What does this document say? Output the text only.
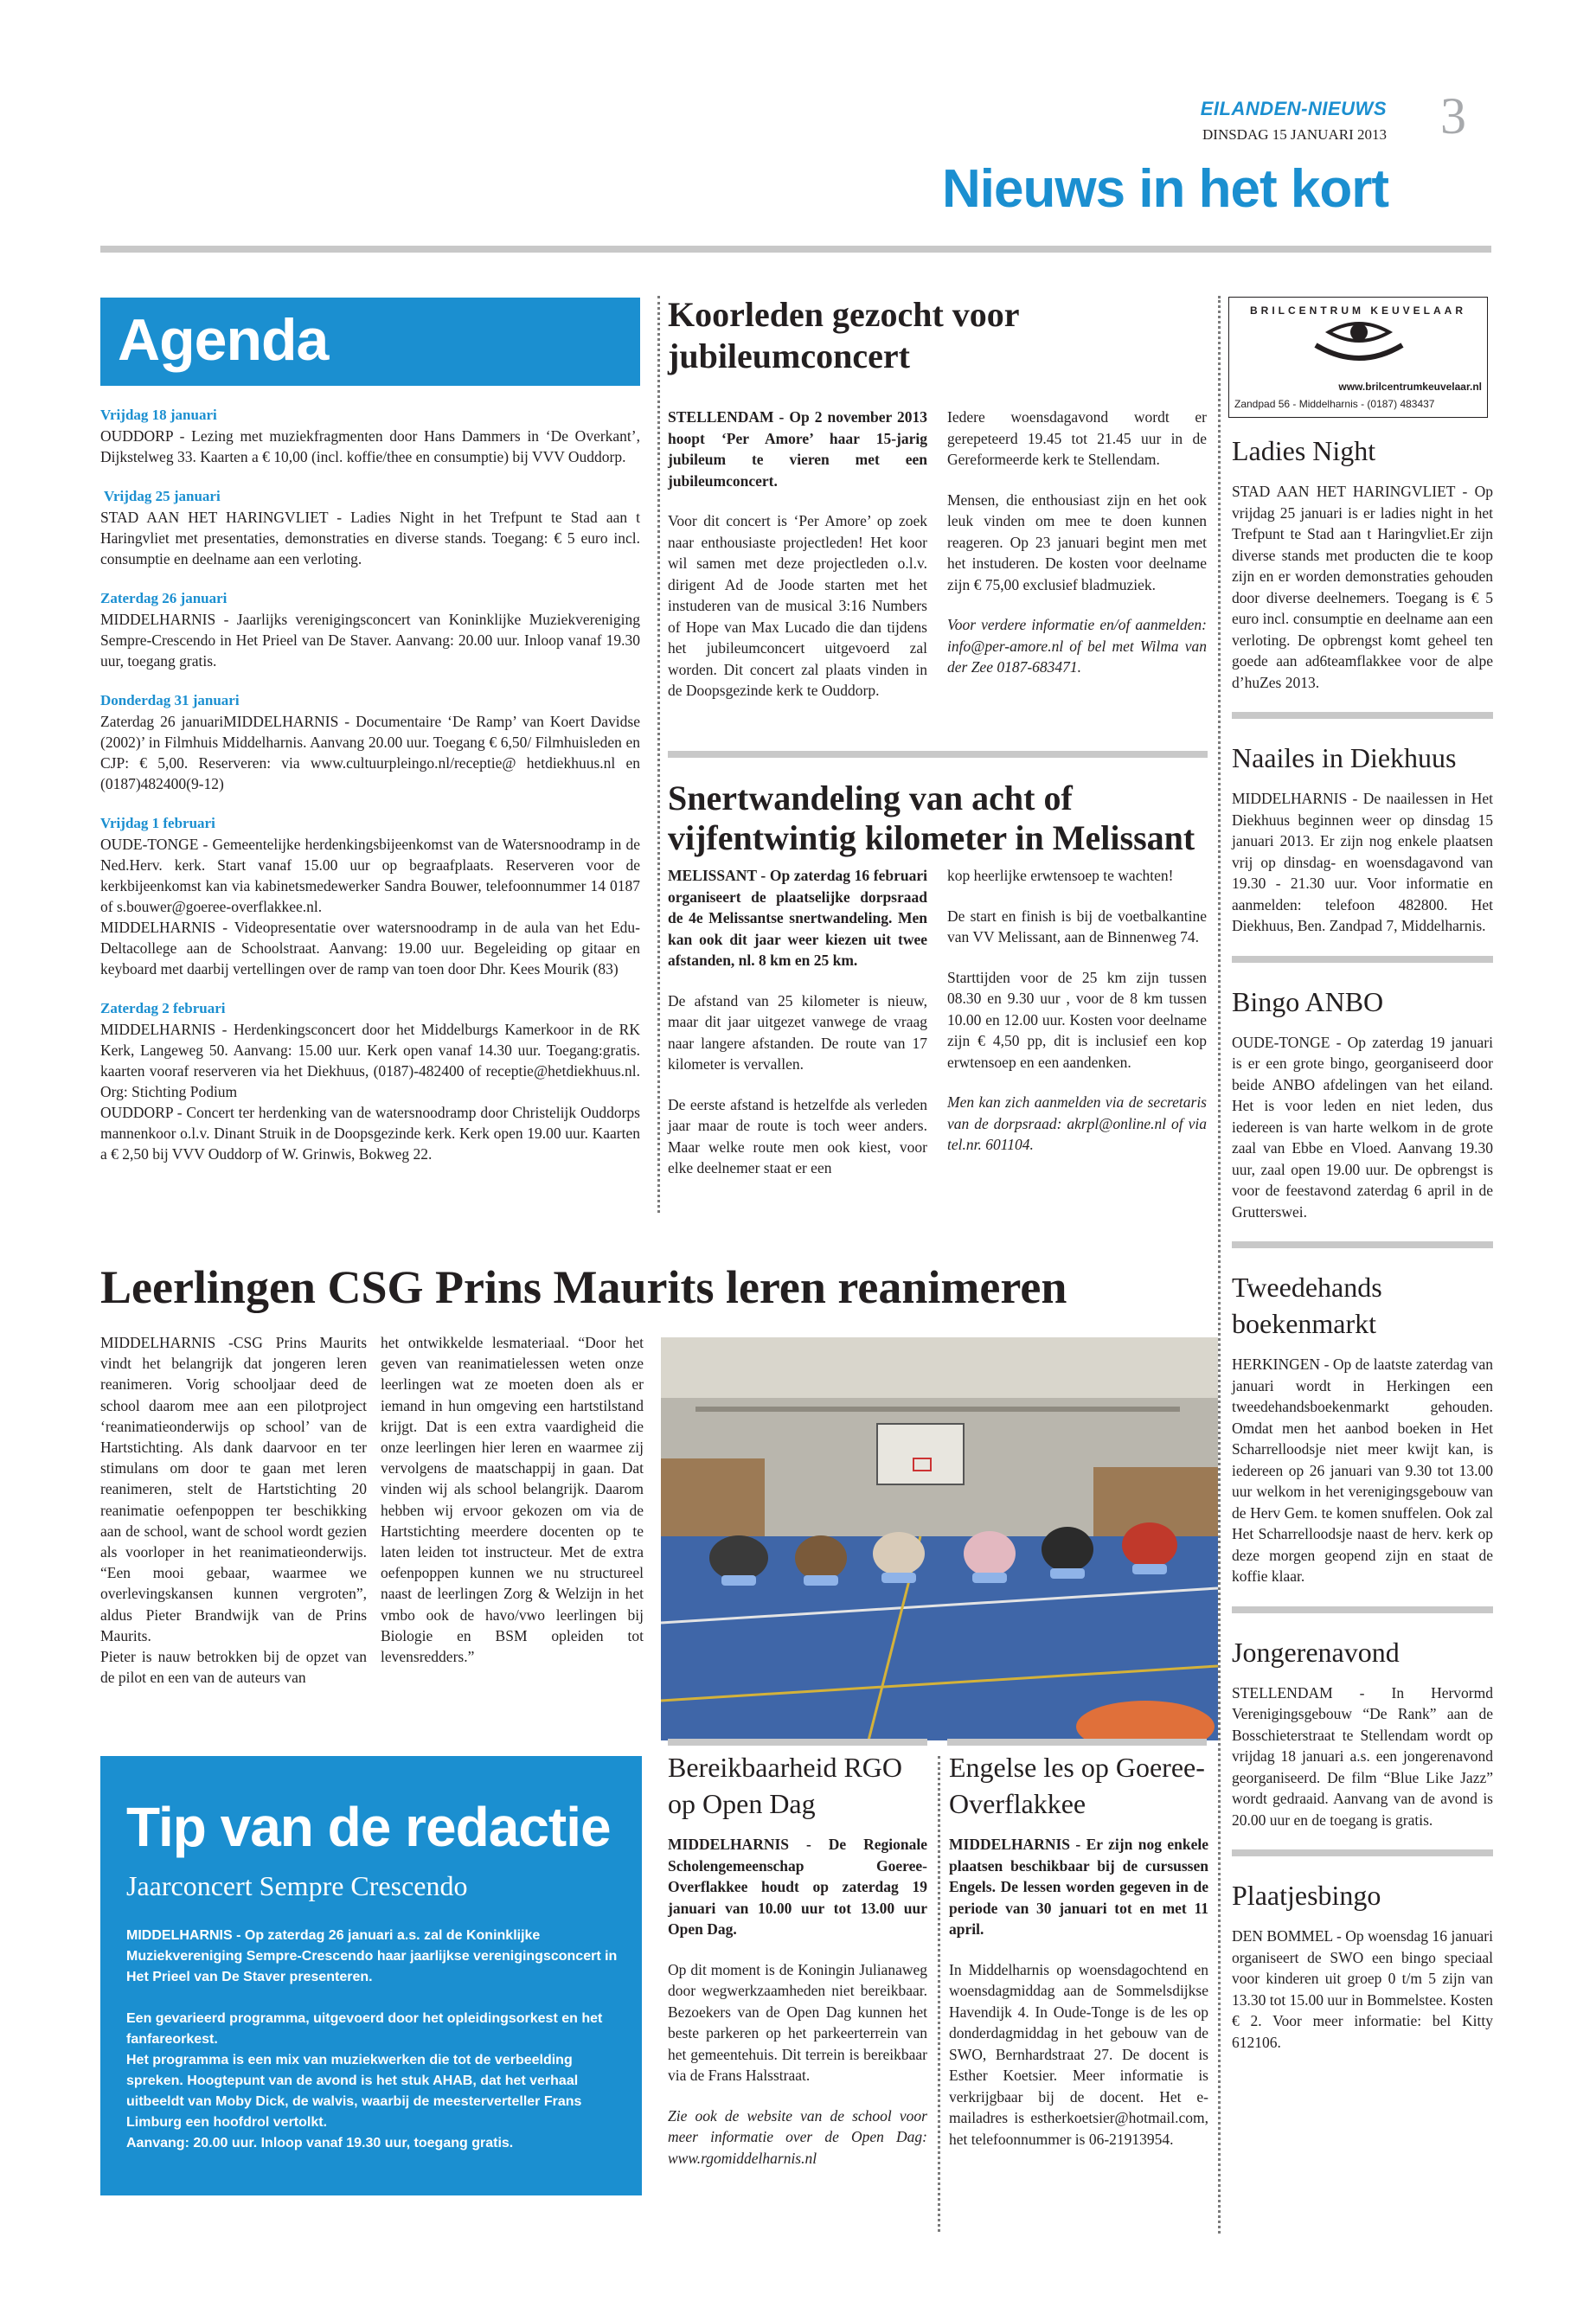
EILANDEN-NIEUWS
DINSDAG 15 JANUARI 2013 3
Nieuws in het kort
Agenda
Vrijdag 18 januari
OUDDORP - Lezing met muziekfragmenten door Hans Dammers in ‘De Overkant’, Dijkstelweg 33. Kaarten a € 10,00 (incl. koffie/thee en consumptie) bij VVV Ouddorp.
Vrijdag 25 januari
STAD AAN HET HARINGVLIET - Ladies Night in het Trefpunt te Stad aan t Haringvliet met presentaties, demonstraties en diverse stands. Toegang: € 5 euro incl. consumptie en deelname aan een verloting.
Zaterdag 26 januari
MIDDELHARNIS - Jaarlijks verenigingsconcert van Koninklijke Muziekvereniging Sempre-Crescendo in Het Prieel van De Staver. Aanvang: 20.00 uur. Inloop vanaf 19.30 uur, toegang gratis.
Donderdag 31 januari
Zaterdag 26 januariMIDDELHARNIS - Documentaire ‘De Ramp’ van Koert Davidse (2002)’ in Filmhuis Middelharnis. Aanvang 20.00 uur. Toegang € 6,50/ Filmhuisleden en CJP: € 5,00. Reserveren: via www.cultuurpleingo.nl/receptie@ hetdiekhuus.nl en (0187)482400(9-12)
Vrijdag 1 februari
OUDE-TONGE - Gemeentelijke herdenkingsbijeenkomst van de Watersnoodramp in de Ned.Herv. kerk. Start vanaf 15.00 uur op begraafplaats. Reserveren voor de kerkbijeenkomst kan via kabinetsmedewerker Sandra Bouwer, telefoonnummer 14 0187 of s.bouwer@goeree-overflakkee.nl.
MIDDELHARNIS - Videopresentatie over watersnoodramp in de aula van het Edu-Deltacollege aan de Schoolstraat. Aanvang: 19.00 uur. Begeleiding op gitaar en keyboard met daarbij vertellingen over de ramp van toen door Dhr. Kees Mourik (83)
Zaterdag 2 februari
MIDDELHARNIS - Herdenkingsconcert door het Middelburgs Kamerkoor in de RK Kerk, Langeweg 50. Aanvang: 15.00 uur. Kerk open vanaf 14.30 uur. Toegang:gratis. kaarten vooraf reserveren via het Diekhuus, (0187)-482400 of receptie@hetdiekhuus.nl. Org: Stichting Podium
OUDDORP - Concert ter herdenking van de watersnoodramp door Christelijk Ouddorps mannenkoor o.l.v. Dinant Struik in de Doopsgezinde kerk. Kerk open 19.00 uur. Kaarten a € 2,50 bij VVV Ouddorp of W. Grinwis, Bokweg 22.
Koorleden gezocht voor jubileumconcert

STELLENDAM - Op 2 november 2013 hoopt ‘Per Amore’ haar 15-jarig jubileum te vieren met een jubileumconcert.

Voor dit concert is ‘Per Amore’ op zoek naar enthousiaste projectleden! Het koor wil samen met deze projectleden o.l.v. dirigent Ad de Joode starten met het instuderen van de musical 3:16 Numbers of Hope van Max Lucado die dan tijdens het jubileumconcert uitgevoerd zal worden. Dit concert zal plaats vinden in de Doopsgezinde kerk te Ouddorp.

Iedere woensdagavond wordt er gerepeteerd 19.45 tot 21.45 uur in de Gereformeerde kerk te Stellendam.

Mensen, die enthousiast zijn en het ook leuk vinden om mee te doen kunnen reageren. Op 23 januari begint men met het instuderen. De kosten voor deelname zijn € 75,00 exclusief bladmuziek.

Voor verdere informatie en/of aanmelden: info@per-amore.nl of bel met Wilma van der Zee 0187-683471.

Snertwandeling van acht of vijfentwintig kilometer in Melissant

MELISSANT - Op zaterdag 16 februari organiseert de plaatselijke dorpsraad de 4e Melissantse snertwandeling. Men kan ook dit jaar weer kiezen uit twee afstanden, nl. 8 km en 25 km.

De afstand van 25 kilometer is nieuw, maar dit jaar uitgezet vanwege de vraag naar langere afstanden. De route van 17 kilometer is vervallen.

De eerste afstand is hetzelfde als verleden jaar maar de route is toch weer anders. Maar welke route men ook kiest, voor elke deelnemer staat er een

kop heerlijke erwtensoep te wachten!

De start en finish is bij de voetbalkantine van VV Melissant, aan de Binnenweg 74.

Starttijden voor de 25 km zijn tussen 08.30 en 9.30 uur , voor de 8 km tussen 10.00 en 12.00 uur. Kosten voor deelname zijn € 4,50 pp, dit is inclusief een kop erwtensoep en een aandenken.

Men kan zich aanmelden via de secretaris van de dorpsraad: akrpl@online.nl of via tel.nr. 601104.

BRILCENTRUM KEUVELAAR
www.brilcentrumkeuvelaar.nl
Zandpad 56 - Middelharnis - (0187) 483437
Ladies Night
STAD AAN HET HARINGVLIET - Op vrijdag 25 januari is er ladies night in het Trefpunt te Stad aan t Haringvliet.Er zijn diverse stands met producten die te koop zijn en er worden demonstraties gehouden door diverse deelnemers. Toegang is € 5 euro incl. consumptie en deelname aan een verloting. De opbrengst komt geheel ten goede aan ad6teamflakkee voor de alpe d’huZes 2013.
Naailes in Diekhuus
MIDDELHARNIS - De naailessen in Het Diekhuus beginnen weer op dinsdag 15 januari 2013. Er zijn nog enkele plaatsen vrij op dinsdag- en woensdagavond van 19.30 - 21.30 uur. Voor informatie en aanmelden: telefoon 482800. Het Diekhuus, Ben. Zandpad 7, Middelharnis.
Bingo ANBO
OUDE-TONGE - Op zaterdag 19 januari is er een grote bingo, georganiseerd door beide ANBO afdelingen van het eiland. Het is voor leden en niet leden, dus iedereen is van harte welkom in de grote zaal van Ebbe en Vloed. Aanvang 19.30 uur, zaal open 19.00 uur. De opbrengst is voor de feestavond zaterdag 6 april in de Grutterswei.
Tweedehands boekenmarkt
HERKINGEN - Op de laatste zaterdag van januari wordt in Herkingen een tweedehandsboekenmarkt gehouden. Omdat men het aanbod boeken in Het Scharrelloodsje niet meer kwijt kan, is iedereen op 26 januari van 9.30 tot 13.00 uur welkom in het verenigingsgebouw van de Herv Gem. te komen snuffelen. Ook zal Het Scharrelloodsje naast de herv. kerk op deze morgen geopend zijn en staat de koffie klaar.
Jongerenavond
STELLENDAM - In Hervormd Verenigingsgebouw “De Rank” aan de Bosschieterstraat te Stellendam wordt op vrijdag 18 januari a.s. een jongerenavond georganiseerd. De film “Blue Like Jazz” wordt gedraaid. Aanvang van de avond is 20.00 uur en de toegang is gratis.
Plaatjesbingo
DEN BOMMEL - Op woensdag 16 januari organiseert de SWO een bingo speciaal voor kinderen uit groep 0 t/m 5 zijn van 13.30 tot 15.00 uur in Bommelstee. Kosten € 2. Voor meer informatie: bel Kitty 612106.
Leerlingen CSG Prins Maurits leren reanimeren
MIDDELHARNIS -CSG Prins Maurits vindt het belangrijk dat jongeren leren reanimeren. Vorig schooljaar deed de school daarom mee aan een pilotproject ‘reanimatieonderwijs op school’ van de Hartstichting. Als dank daarvoor en ter stimulans om door te gaan met leren reanimeren, stelt de Hartstichting 20 reanimatie oefenpoppen ter beschikking aan de school, want de school wordt gezien als voorloper in het reanimatieonderwijs. “Een mooi gebaar, waarmee we overlevingskansen kunnen vergroten”, aldus Pieter Brandwijk van de Prins Maurits.
Pieter is nauw betrokken bij de opzet van de pilot en een van de auteurs van
het ontwikkelde lesmateriaal. “Door het geven van reanimatielessen weten onze leerlingen wat ze moeten doen als er iemand in hun omgeving een hartstilstand krijgt. Dat is een extra vaardigheid die onze leerlingen hier leren en waarmee zij vervolgens de maatschappij in gaan. Dat vinden wij als school belangrijk. Daarom hebben wij ervoor gekozen om via de Hartstichting meerdere docenten op te laten leiden tot instructeur. Met de extra oefenpoppen kunnen we nu structureel naast de leerlingen Zorg & Welzijn in het vmbo ook de havo/vwo leerlingen bij Biologie en BSM opleiden tot levensredders.”
Tip van de redactie
Jaarconcert Sempre Crescendo
MIDDELHARNIS - Op zaterdag 26 januari a.s. zal de Koninklijke Muziekvereniging Sempre-Crescendo haar jaarlijkse verenigingsconcert in Het Prieel van De Staver presenteren.
Een gevarieerd programma, uitgevoerd door het opleidingsorkest en het fanfareorkest.
Het programma is een mix van muziekwerken die tot de verbeelding spreken. Hoogtepunt van de avond is het stuk AHAB, dat het verhaal uitbeeldt van Moby Dick, de walvis, waarbij de meesterverteller Frans Limburg een hoofdrol vertolkt.
Aanvang: 20.00 uur. Inloop vanaf 19.30 uur, toegang gratis.
Bereikbaarheid RGO op Open Dag

MIDDELHARNIS - De Regionale Scholengemeenschap Goeree-Overflakkee houdt op zaterdag 19 januari van 10.00 uur tot 13.00 uur Open Dag.

Op dit moment is de Koningin Julianaweg door wegwerkzaamheden niet bereikbaar. Bezoekers van de Open Dag kunnen het beste parkeren op het parkeerterrein van het gemeentehuis. Dit terrein is bereikbaar via de Frans Halsstraat.

Zie ook de website van de school voor meer informatie over de Open Dag: www.rgomiddelharnis.nl

Engelse les op Goeree-Overflakkee

MIDDELHARNIS - Er zijn nog enkele plaatsen beschikbaar bij de cursussen Engels. De lessen worden gegeven in de periode van 30 januari tot en met 11 april.

In Middelharnis op woensdagochtend en woensdagmiddag aan de Sommelsdijkse Havendijk 4. In Oude-Tonge is de les op donderdagmiddag in het gebouw van de SWO, Bernhardstraat 27. De docent is Esther Koetsier. Meer informatie is verkrijgbaar bij de docent. Het e-mailadres is estherkoetsier@hotmail.com, het telefoonnummer is 06-21913954.
